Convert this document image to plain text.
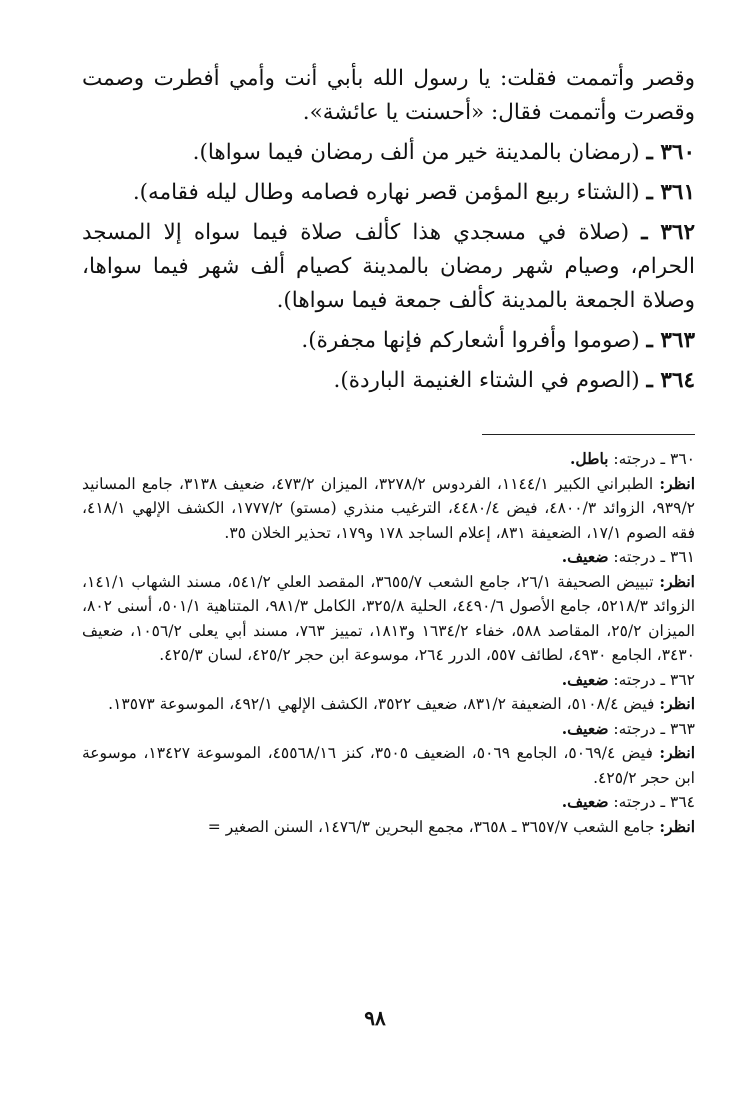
وقصر وأتممت فقلت: يا رسول الله بأبي أنت وأمي أفطرت وصمت وقصرت وأتممت فقال: «أحسنت يا عائشة».

٣٦٠ ـ (رمضان بالمدينة خير من ألف رمضان فيما سواها).

٣٦١ ـ (الشتاء ربيع المؤمن قصر نهاره فصامه وطال ليله فقامه).

٣٦٢ ـ (صلاة في مسجدي هذا كألف صلاة فيما سواه إلا المسجد الحرام، وصيام شهر رمضان بالمدينة كصيام ألف شهر فيما سواها، وصلاة الجمعة بالمدينة كألف جمعة فيما سواها).

٣٦٣ ـ (صوموا وأفروا أشعاركم فإنها مجفرة).

٣٦٤ ـ (الصوم في الشتاء الغنيمة الباردة).

٣٦٠ ـ درجته: باطل.

انظر: الطبراني الكبير ١١٤٤/١، الفردوس ٣٢٧٨/٢، الميزان ٤٧٣/٢، ضعيف ٣١٣٨، جامع المسانيد ٩٣٩/٢، الزوائد ٤٨٠٠/٣، فيض ٤٤٨٠/٤، الترغيب منذري (مستو) ١٧٧٧/٢، الكشف الإلهي ٤١٨/١، فقه الصوم ١٧/١، الضعيفة ٨٣١، إعلام الساجد ١٧٨ و١٧٩، تحذير الخلان ٣٥.

٣٦١ ـ درجته: ضعيف.

انظر: تبييض الصحيفة ٢٦/١، جامع الشعب ٣٦٥٥/٧، المقصد العلي ٥٤١/٢، مسند الشهاب ١٤١/١، الزوائد ٥٢١٨/٣، جامع الأصول ٤٤٩٠/٦، الحلية ٣٢٥/٨، الكامل ٩٨١/٣، المتناهية ٥٠١/١، أسنى ٨٠٢، الميزان ٢٥/٢، المقاصد ٥٨٨، خفاء ١٦٣٤/٢ و١٨١٣، تمييز ٧٦٣، مسند أبي يعلى ١٠٥٦/٢، ضعيف ٣٤٣٠، الجامع ٤٩٣٠، لطائف ٥٥٧، الدرر ٢٦٤، موسوعة ابن حجر ٤٢٥/٢، لسان ٤٢٥/٣.

٣٦٢ ـ درجته: ضعيف.

انظر: فيض ٥١٠٨/٤، الضعيفة ٨٣١/٢، ضعيف ٣٥٢٢، الكشف الإلهي ٤٩٢/١، الموسوعة ١٣٥٧٣.

٣٦٣ ـ درجته: ضعيف.

انظر: فيض ٥٠٦٩/٤، الجامع ٥٠٦٩، الضعيف ٣٥٠٥، كنز ٤٥٥٦٨/١٦، الموسوعة ١٣٤٢٧، موسوعة ابن حجر ٤٢٥/٢.

٣٦٤ ـ درجته: ضعيف.

انظر: جامع الشعب ٣٦٥٧/٧ ـ ٣٦٥٨، مجمع البحرين ١٤٧٦/٣، السنن الصغير =

٩٨
